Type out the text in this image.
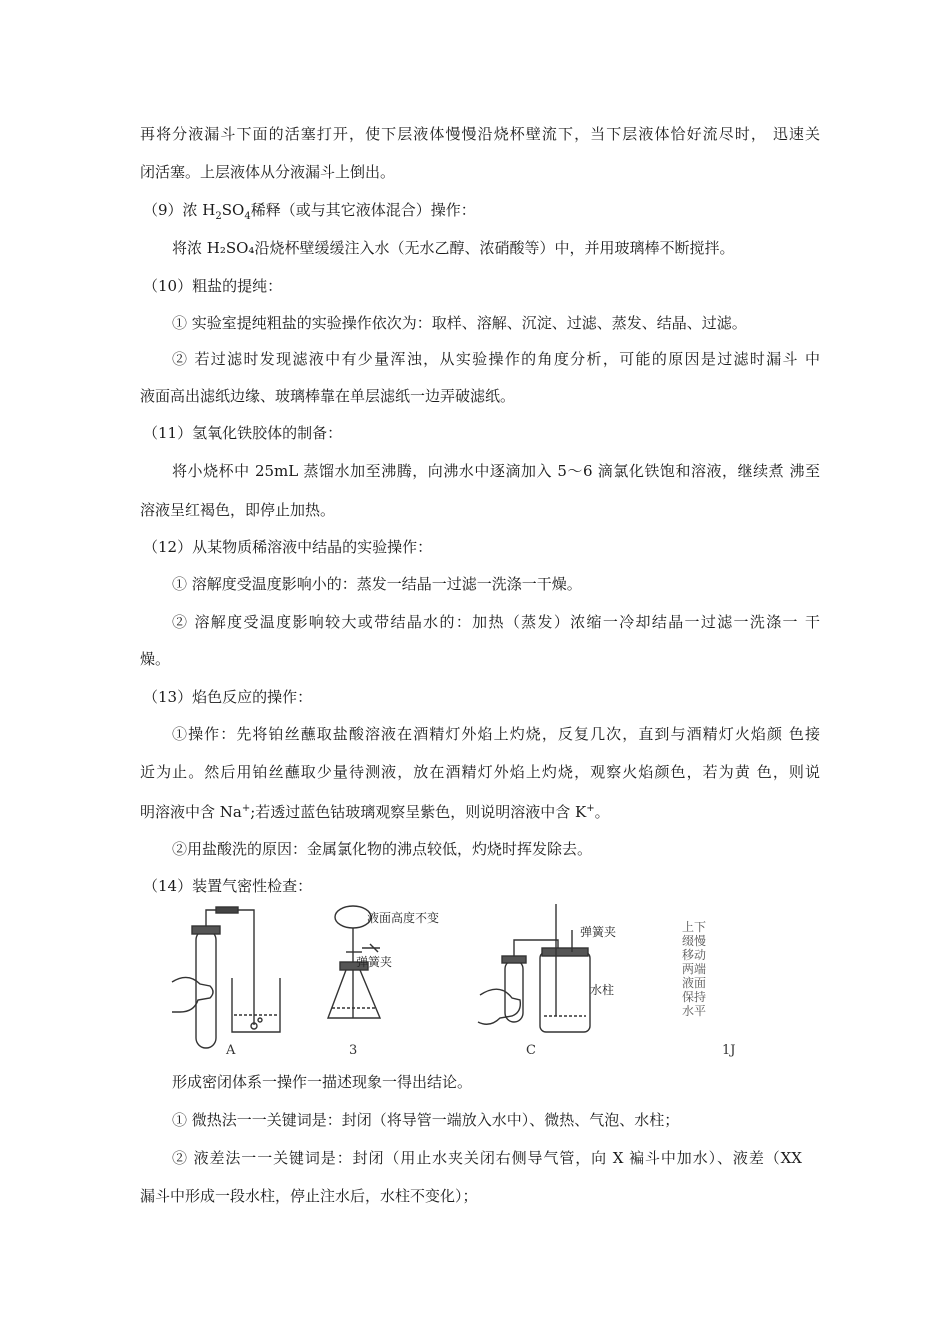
再将分液漏斗下面的活塞打开，使下层液体慢慢沿烧杯壁流下，当下层液体恰好流尽时， 迅速关
闭活塞。上层液体从分液漏斗上倒出。
（9）浓 $H_2SO_4$稀释（或与其它液体混合）操作：
将浓 H₂SO₄沿烧杯壁缓缓注入水（无水乙醇、浓硝酸等）中，并用玻璃棒不断搅拌。
（10）粗盐的提纯：
① 实验室提纯粗盐的实验操作依次为：取样、溶解、沉淀、过滤、蒸发、结晶、过滤。
② 若过滤时发现滤液中有少量浑浊，从实验操作的角度分析，可能的原因是过滤时漏斗 中
液面高出滤纸边缘、玻璃棒靠在单层滤纸一边弄破滤纸。
（11）氢氧化铁胶体的制备：
将小烧杯中 25mL 蒸馏水加至沸腾，向沸水中逐滴加入 5〜6 滴氯化铁饱和溶液，继续煮 沸至
溶液呈红褐色，即停止加热。
（12）从某物质稀溶液中结晶的实验操作：
① 溶解度受温度影响小的：蒸发一结晶一过滤一洗涤一干燥。
② 溶解度受温度影响较大或带结晶水的：加热（蒸发）浓缩一冷却结晶一过滤一洗涤一 干
燥。
（13）焰色反应的操作：
①操作：先将铂丝蘸取盐酸溶液在酒精灯外焰上灼烧，反复几次，直到与酒精灯火焰颜 色接
近为止。然后用铂丝蘸取少量待测液，放在酒精灯外焰上灼烧，观察火焰颜色，若为黄 色，则说
明溶液中含 Na+;若透过蓝色钴玻璃观察呈紫色，则说明溶液中含 K+。
②用盐酸洗的原因：金属氯化物的沸点较低，灼烧时挥发除去。
（14）装置气密性检查：
液面高度不变
弹簧夹
弹簧夹
水柱
上下缀慢移动两端液面保持水平
A	3	C	1J
形成密闭体系一操作一描述现象一得出结论。
① 微热法一一关键词是：封闭（将导管一端放入水中）、微热、气泡、水柱；
② 液差法一一关键词是：封闭（用止水夹关闭右侧导气管，向 X 褊斗中加水）、液差（XX
漏斗中形成一段水柱，停止注水后，水柱不变化）；
